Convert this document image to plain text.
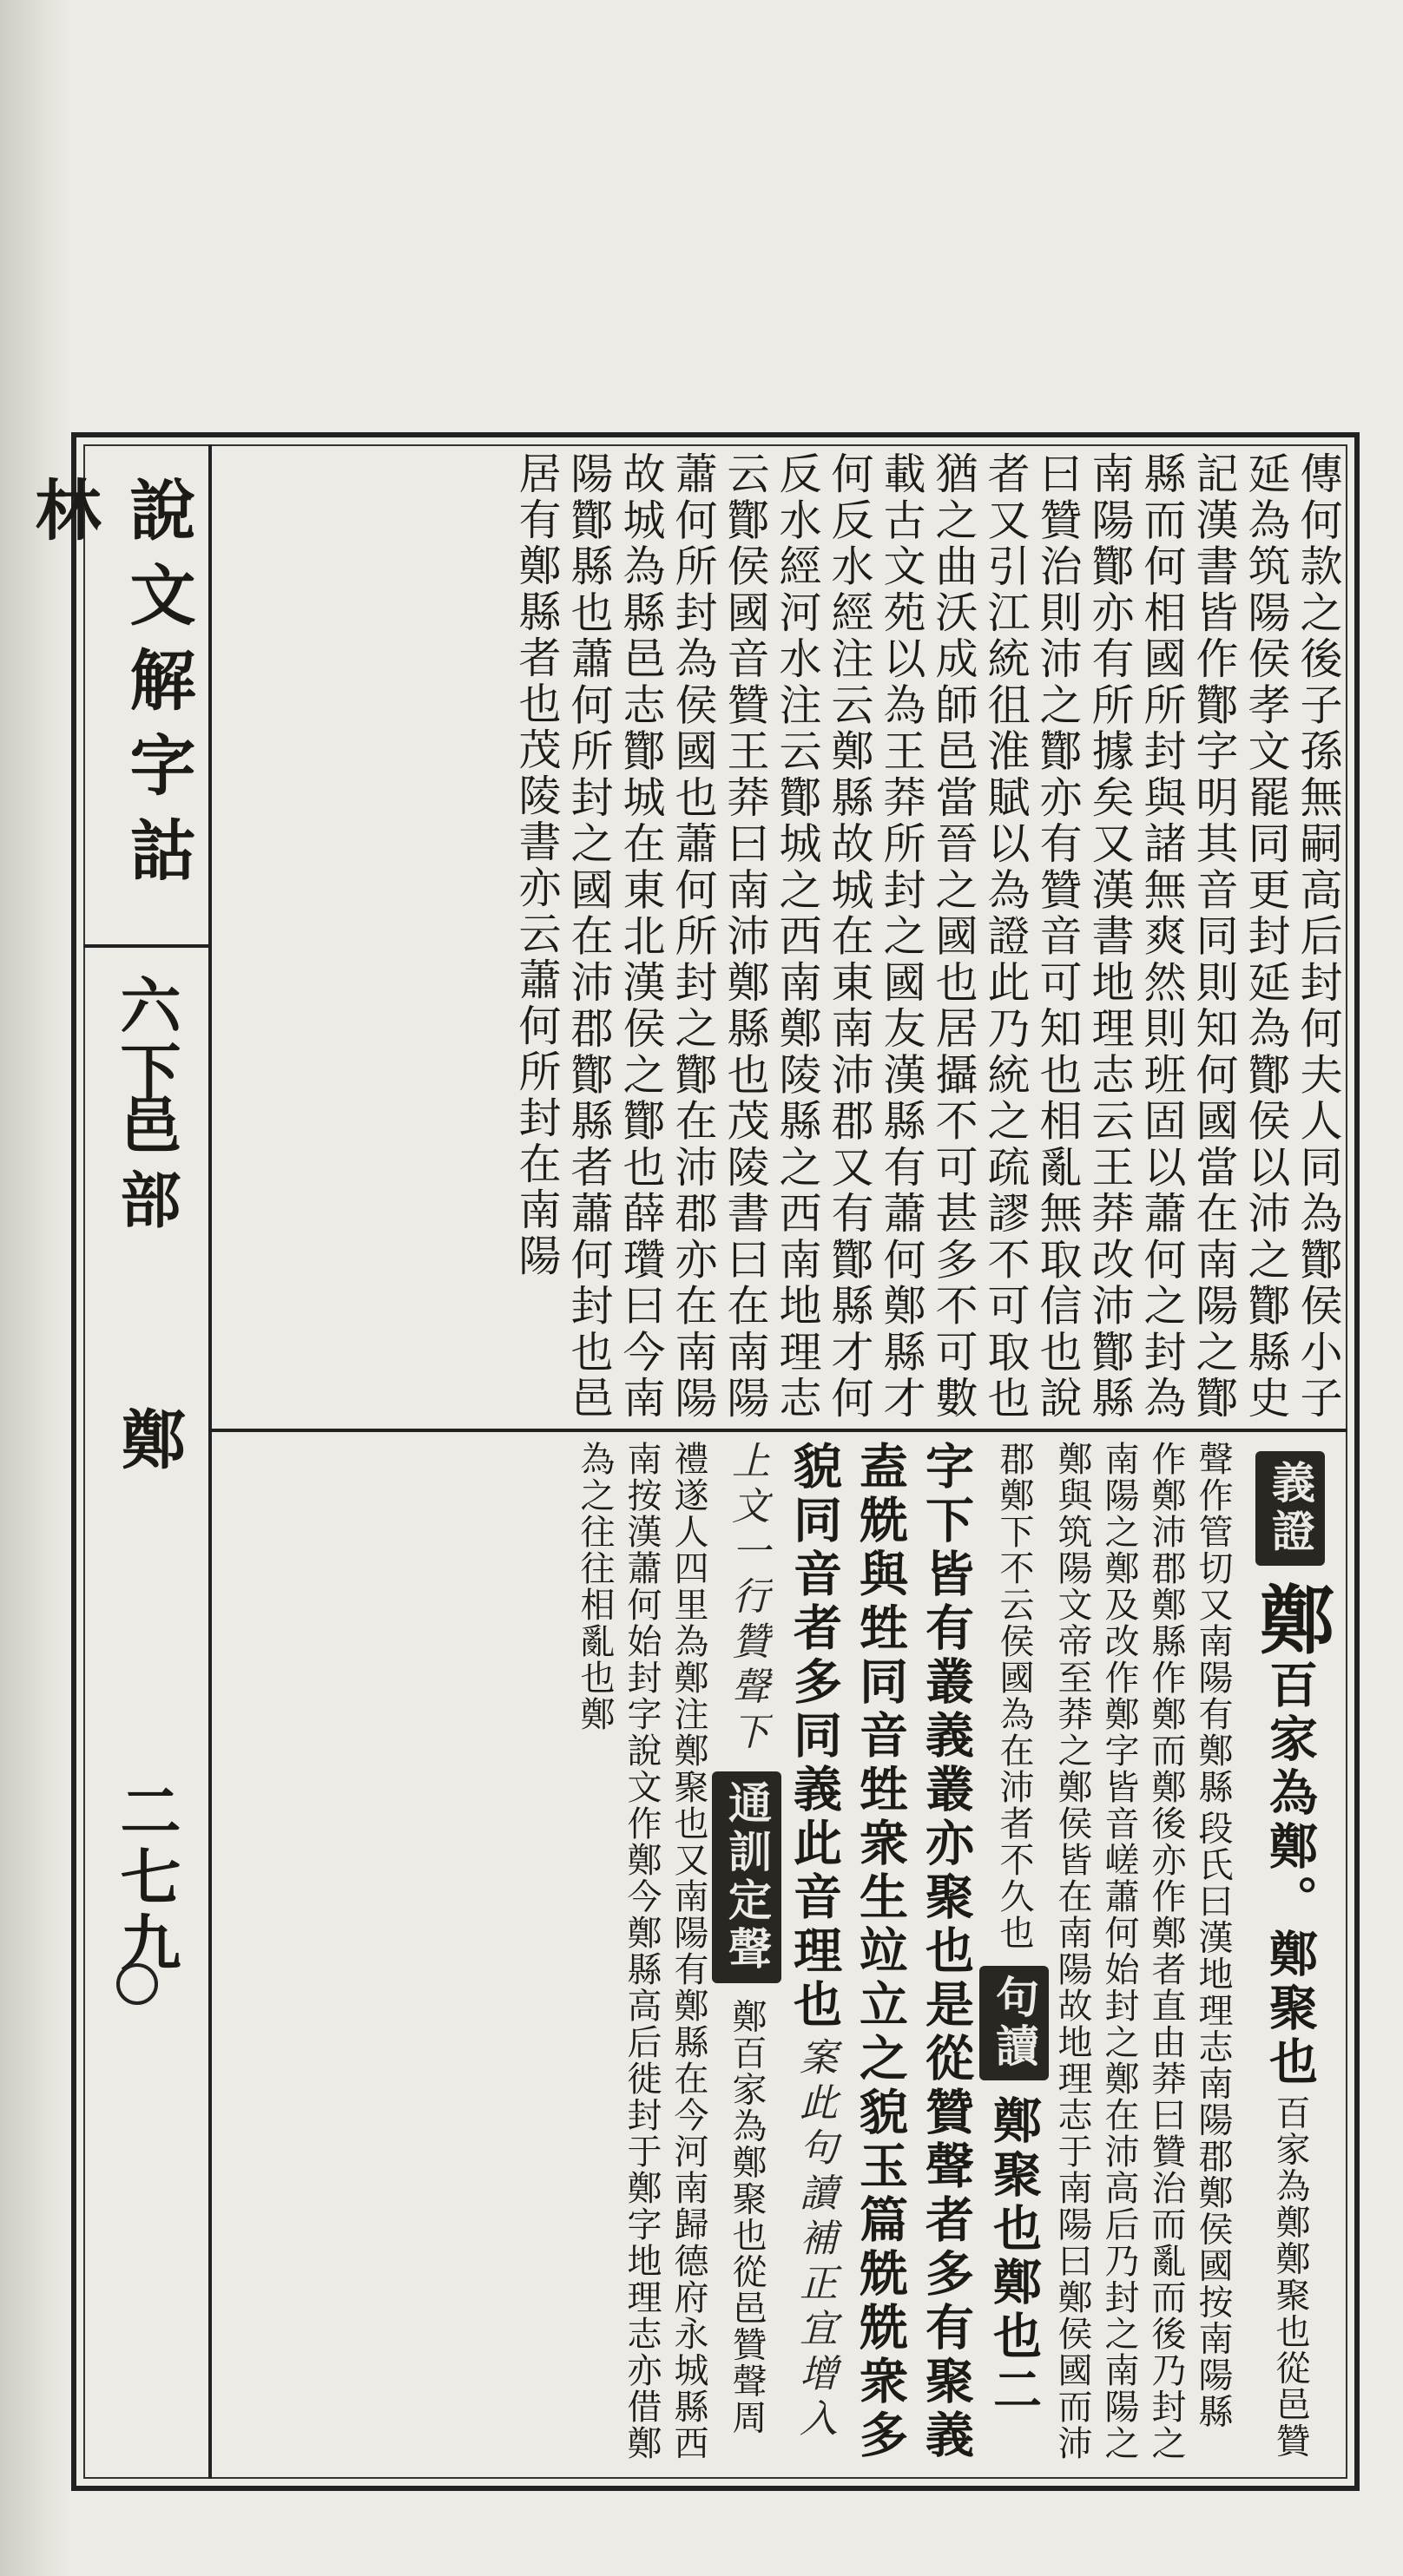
說文解字詁
六下
邑部
鄭
二七九
傳何款之後子孫無嗣高后封何夫人同為酇侯小子延為筑陽侯孝文罷同更封延為酇侯以沛之酇縣史記漢書皆作酇字明其音同則知何國當在南陽之酇縣而何相國所封與諸無爽然則班固以蕭何之封為南陽酇亦有所據矣又漢書地理志云王莽改沛酇縣曰贊治則沛之酇亦有贊音可知也相亂無取信也說者又引江統徂淮賦以為證此乃統之疏謬不可取也猶之曲沃成師邑當晉之國也居攝不可甚多不可數載古文苑以為王莽所封之國友漢縣有蕭何鄭縣才何反水經注云鄭縣故城在東南沛郡又有酇縣才何反水經河水注云酇城之西南鄭陵縣之西南地理志云酇侯國音贊王莽曰南沛鄭縣也茂陵書曰在南陽蕭何所封為侯國也蕭何所封之酇在沛郡亦在南陽故城為縣邑志酇城在東北漢侯之酇也薛瓚曰今南陽酇縣也蕭何所封之國在沛郡酇縣者蕭何封也邑居有鄭縣者也茂陵書亦云蕭何所封在南陽
義證 鄭 百家為鄭。鄭聚也 百家為鄭鄭聚也從邑贊聲作管切又南陽有鄭縣 段氏曰漢地理志南陽郡鄭侯國按南陽縣作鄭沛郡鄭縣作鄭而鄭後亦作鄭者直由莽曰贊治而亂而後乃封之南陽之鄭及改作鄭字皆音嵯蕭何始封之鄭在沛高后乃封之南陽之鄭與筑陽文帝至莽之鄭侯皆在南陽故地理志于南陽曰鄭侯國而沛郡鄭下不云侯國為在沛者不久也 句讀 鄭聚也鄭也二字下皆有叢義叢亦聚也是從贊聲者多有聚義盍兟與甡同音甡衆生竝立之貌玉篇兟兟衆多貌同音者多同義此音理也 案此句讀補正宜增入上文一行贊聲下 通訓定聲 鄭百家為鄭聚也從邑贊聲周禮遂人四里為鄭注鄭聚也又南陽有鄭縣在今河南歸德府永城縣西南按漢蕭何始封字說文作鄭今鄭縣高后徙封于鄭字地理志亦借鄭為之往往相亂也鄭
